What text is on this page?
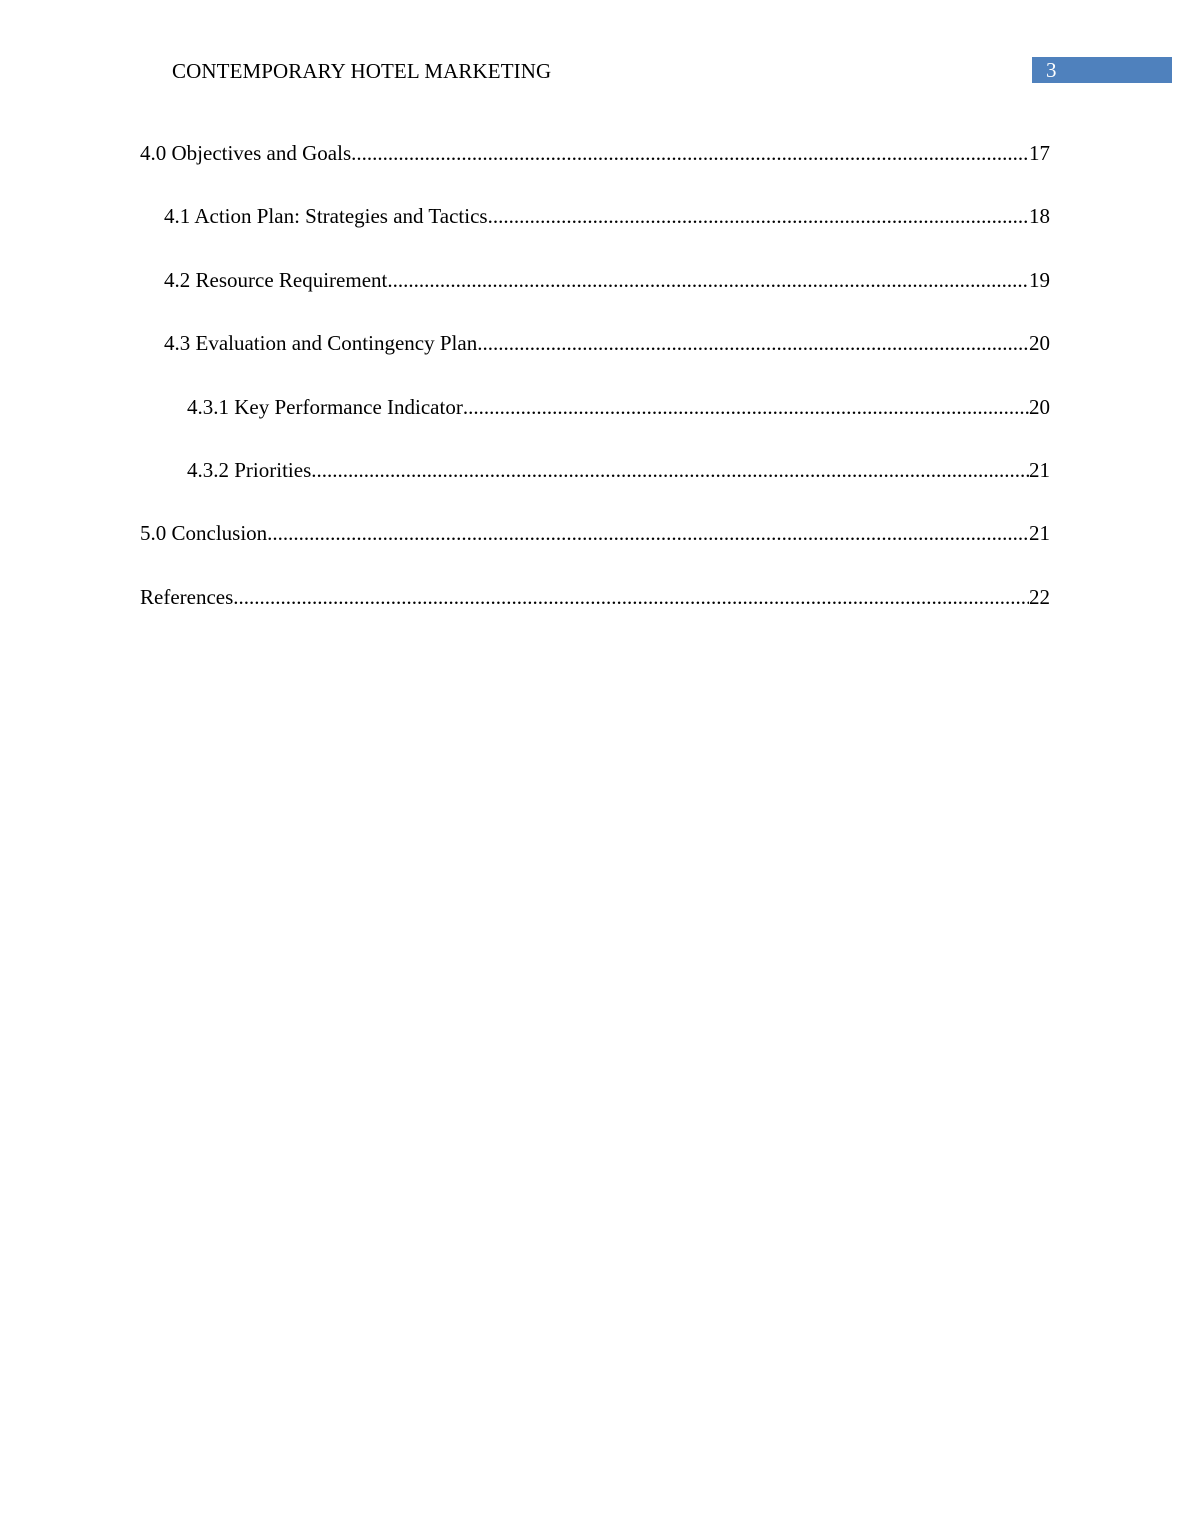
CONTEMPORARY HOTEL MARKETING	3
4.0 Objectives and Goals .....	17
4.1 Action Plan: Strategies and Tactics .....	18
4.2 Resource Requirement .....	19
4.3 Evaluation and Contingency Plan .....	20
4.3.1 Key Performance Indicator .....	20
4.3.2 Priorities .....	21
5.0 Conclusion .....	21
References .....	22
